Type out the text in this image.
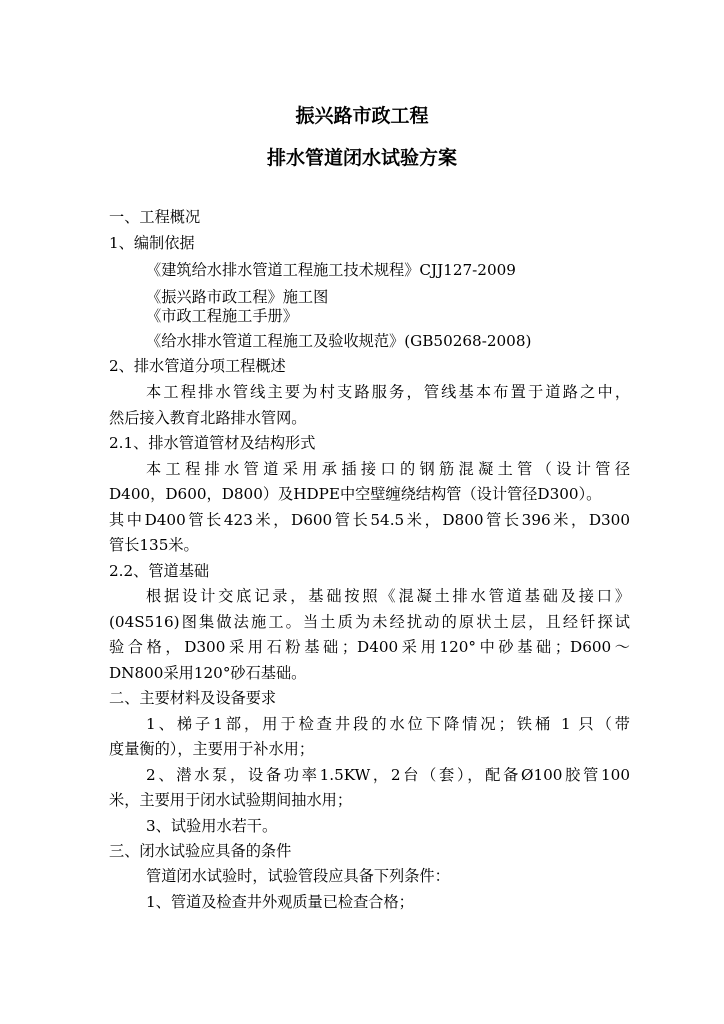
振兴路市政工程
排水管道闭水试验方案
一、工程概况
1、编制依据
《建筑给水排水管道工程施工技术规程》CJJ127-2009
《振兴路市政工程》施工图
《市政工程施工手册》
《给水排水管道工程施工及验收规范》(GB50268-2008)
2、排水管道分项工程概述
本工程排水管线主要为村支路服务，管线基本布置于道路之中，
然后接入教育北路排水管网。
2.1、排水管道管材及结构形式
本工程排水管道采用承插接口的钢筋混凝土管（设计管径
D400，D600，D800）及HDPE中空壁缠绕结构管（设计管径D300）。
其中D400管长423米，D600管长54.5米，D800管长396米，D300
管长135米。
2.2、管道基础
根据设计交底记录，基础按照《混凝土排水管道基础及接口》
(04S516)图集做法施工。当土质为未经扰动的原状土层，且经钎探试
验合格，D300采用石粉基础；D400采用120°中砂基础；D600～
DN800采用120°砂石基础。
二、主要材料及设备要求
1、梯子1部，用于检查井段的水位下降情况；铁桶 1 只（带
度量衡的），主要用于补水用；
2、潜水泵，设备功率1.5KW，2台（套），配备Ø100胶管100
米，主要用于闭水试验期间抽水用；
3、试验用水若干。
三、闭水试验应具备的条件
管道闭水试验时，试验管段应具备下列条件：
1、管道及检查井外观质量已检查合格；
